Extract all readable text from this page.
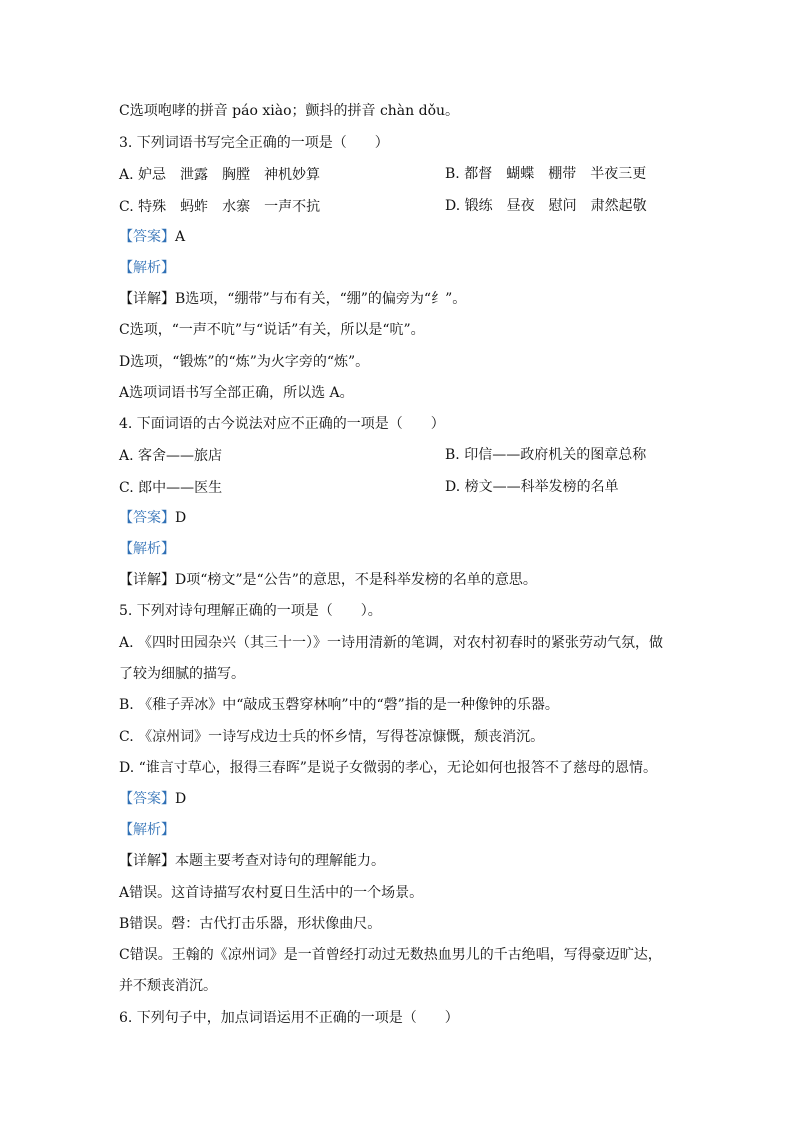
C选项咆哮的拼音 páo xiào；颤抖的拼音 chàn dǒu。
3. 下列词语书写完全正确的一项是（　　）
A. 妒忌　泄露　胸膛　神机妙算	B. 都督　蝴蝶　棚带　半夜三更
C. 特殊　蚂蚱　水寨　一声不抗	D. 锻练　昼夜　慰问　肃然起敬
【答案】A
【解析】
【详解】B选项，“绷带”与布有关，“绷”的偏旁为“纟”。
C选项，“一声不吭”与“说话”有关，所以是“吭”。
D选项，“锻炼”的“炼”为火字旁的“炼”。
A选项词语书写全部正确，所以选 A。
4. 下面词语的古今说法对应不正确的一项是（　　）
A. 客舍——旅店	B. 印信——政府机关的图章总称
C. 郎中——医生	D. 榜文——科举发榜的名单
【答案】D
【解析】
【详解】D项“榜文”是“公告”的意思，不是科举发榜的名单的意思。
5. 下列对诗句理解正确的一项是（　　）。
A. 《四时田园杂兴（其三十一）》一诗用清新的笔调，对农村初春时的紧张劳动气氛，做
了较为细腻的描写。
B. 《稚子弄冰》中“敲成玉磬穿林响”中的“磬”指的是一种像钟的乐器。
C. 《凉州词》一诗写戍边士兵的怀乡情，写得苍凉慷慨，颓丧消沉。
D. “谁言寸草心，报得三春晖”是说子女微弱的孝心，无论如何也报答不了慈母的恩情。
【答案】D
【解析】
【详解】本题主要考查对诗句的理解能力。
A错误。这首诗描写农村夏日生活中的一个场景。
B错误。磬：古代打击乐器，形状像曲尺。
C错误。王翰的《凉州词》是一首曾经打动过无数热血男儿的千古绝唱，写得豪迈旷达，
并不颓丧消沉。
6. 下列句子中，加点词语运用不正确的一项是（　　）
